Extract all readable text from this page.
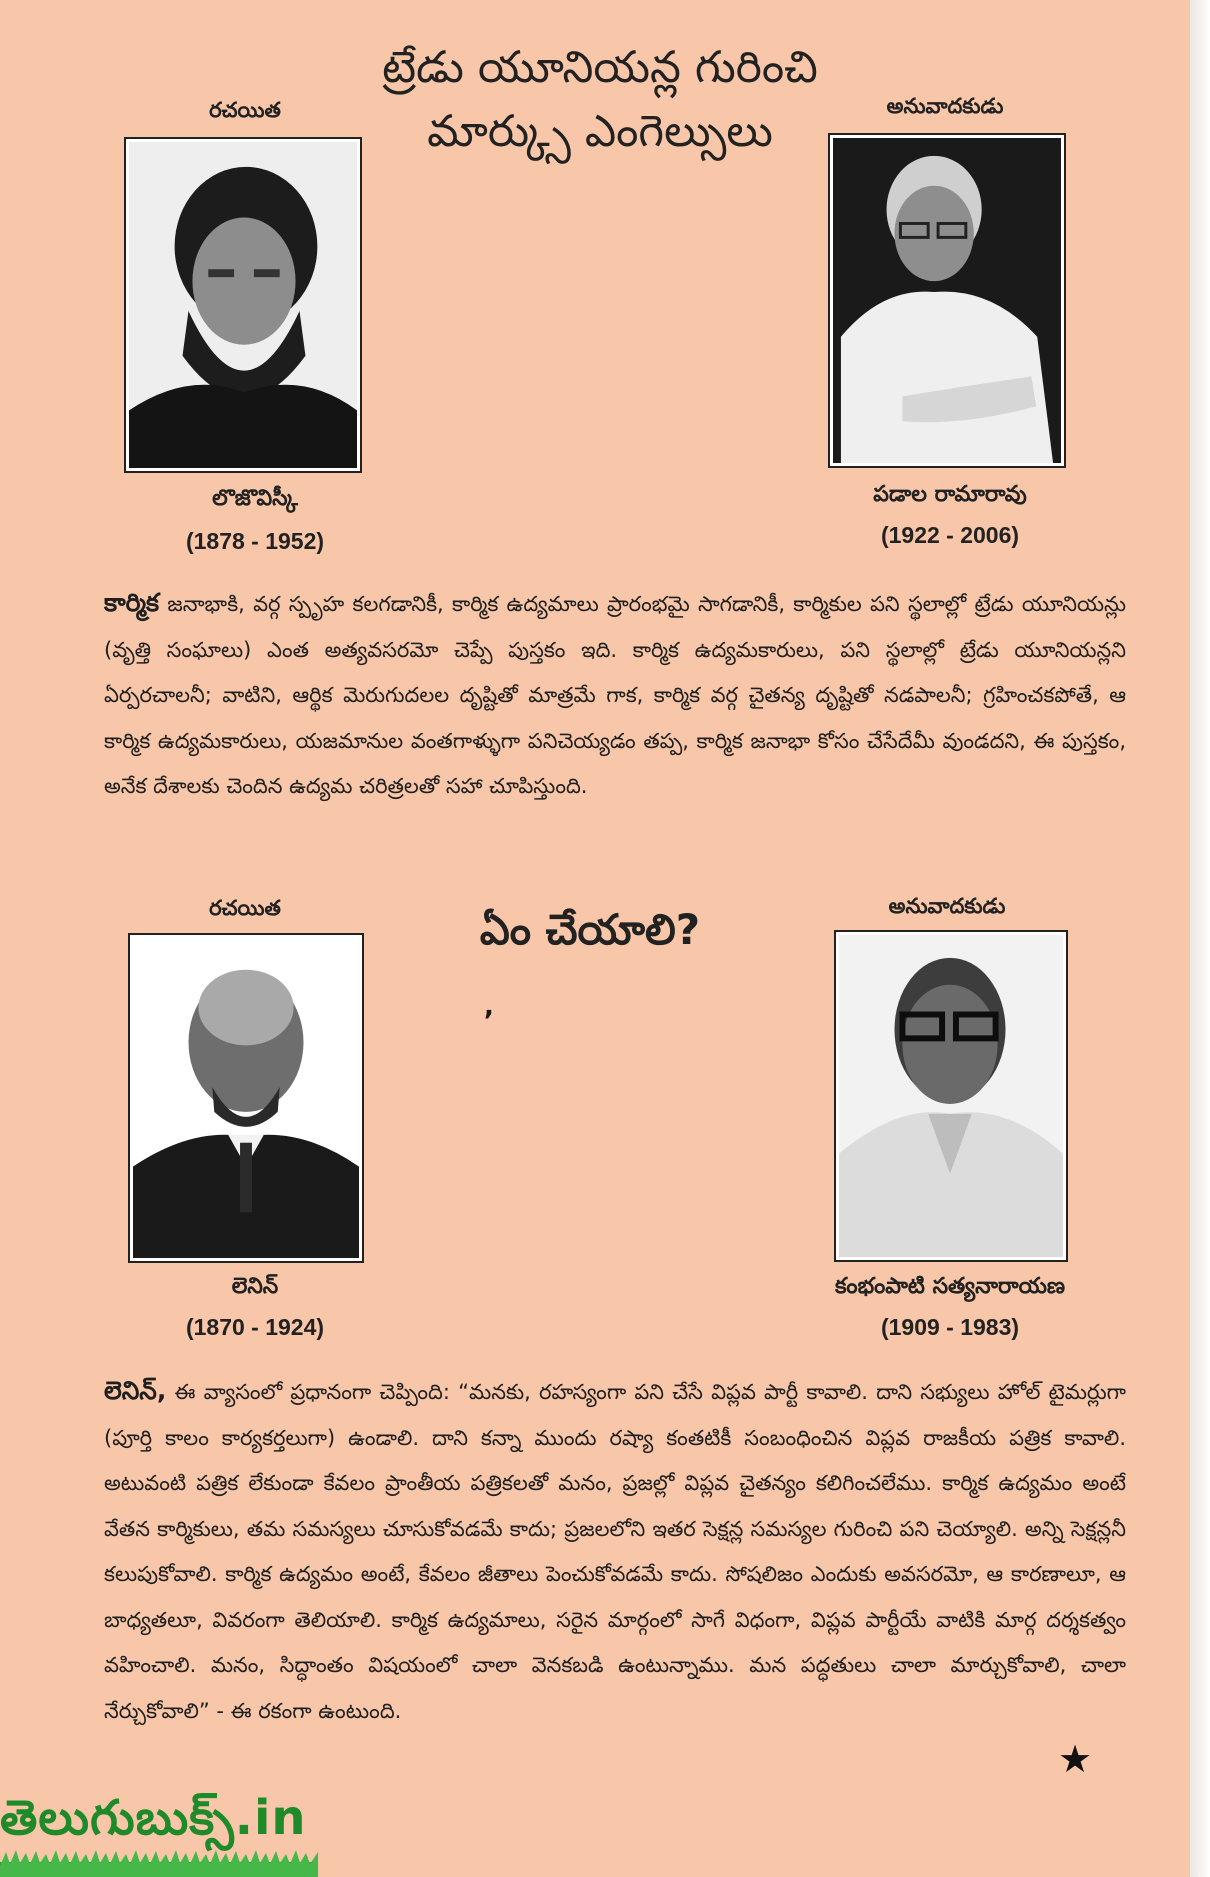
ట్రేడు యూనియన్ల గురించి
మార్క్సు ఎంగెల్సులు
రచయిత	అనువాదకుడు
లొజొవిస్కీ
(1878 - 1952)
పడాల రామారావు
(1922 - 2006)

కార్మిక జనాభాకి, వర్గ స్పృహ కలగడానికీ, కార్మిక ఉద్యమాలు ప్రారంభమై సాగడానికీ, కార్మికుల పని స్థలాల్లో ట్రేడు యూనియన్లు (వృత్తి సంఘాలు) ఎంత అత్యవసరమో చెప్పే పుస్తకం ఇది. కార్మిక ఉద్యమకారులు, పని స్థలాల్లో ట్రేడు యూనియన్లని ఏర్పరచాలనీ; వాటిని, ఆర్థిక మెరుగుదలల దృష్టితో మాత్రమే గాక, కార్మిక వర్గ చైతన్య దృష్టితో నడపాలనీ; గ్రహించకపోతే, ఆ కార్మిక ఉద్యమకారులు, యజమానుల వంతగాళ్ళుగా పనిచెయ్యడం తప్ప, కార్మిక జనాభా కోసం చేసేదేమీ వుండదని, ఈ పుస్తకం, అనేక దేశాలకు చెందిన ఉద్యమ చరిత్రలతో సహా చూపిస్తుంది.

రచయిత	అనువాదకుడు
ఏం చేయాలి?
,
లెనిన్
(1870 - 1924)
కంభంపాటి సత్యనారాయణ
(1909 - 1983)

లెనిన్, ఈ వ్యాసంలో ప్రధానంగా చెప్పింది: “మనకు, రహస్యంగా పని చేసే విప్లవ పార్టీ కావాలి. దాని సభ్యులు హోల్ టైమర్లుగా (పూర్తి కాలం కార్యకర్తలుగా) ఉండాలి. దాని కన్నా ముందు రష్యా కంతటికీ సంబంధించిన విప్లవ రాజకీయ పత్రిక కావాలి. అటువంటి పత్రిక లేకుండా కేవలం ప్రాంతీయ పత్రికలతో మనం, ప్రజల్లో విప్లవ చైతన్యం కలిగించలేము. కార్మిక ఉద్యమం అంటే వేతన కార్మికులు, తమ సమస్యలు చూసుకోవడమే కాదు; ప్రజలలోని ఇతర సెక్షన్ల సమస్యల గురించి పని చెయ్యాలి. అన్ని సెక్షన్లనీ కలుపుకోవాలి. కార్మిక ఉద్యమం అంటే, కేవలం జీతాలు పెంచుకోవడమే కాదు. సోషలిజం ఎందుకు అవసరమో, ఆ కారణాలూ, ఆ బాధ్యతలూ, వివరంగా తెలియాలి. కార్మిక ఉద్యమాలు, సరైన మార్గంలో సాగే విధంగా, విప్లవ పార్టీయే వాటికి మార్గ దర్శకత్వం వహించాలి. మనం, సిద్ధాంతం విషయంలో చాలా వెనకబడి ఉంటున్నాము. మన పద్ధతులు చాలా మార్చుకోవాలి, చాలా నేర్చుకోవాలి” - ఈ రకంగా ఉంటుంది.

★
తెలుగుబుక్స్.in
